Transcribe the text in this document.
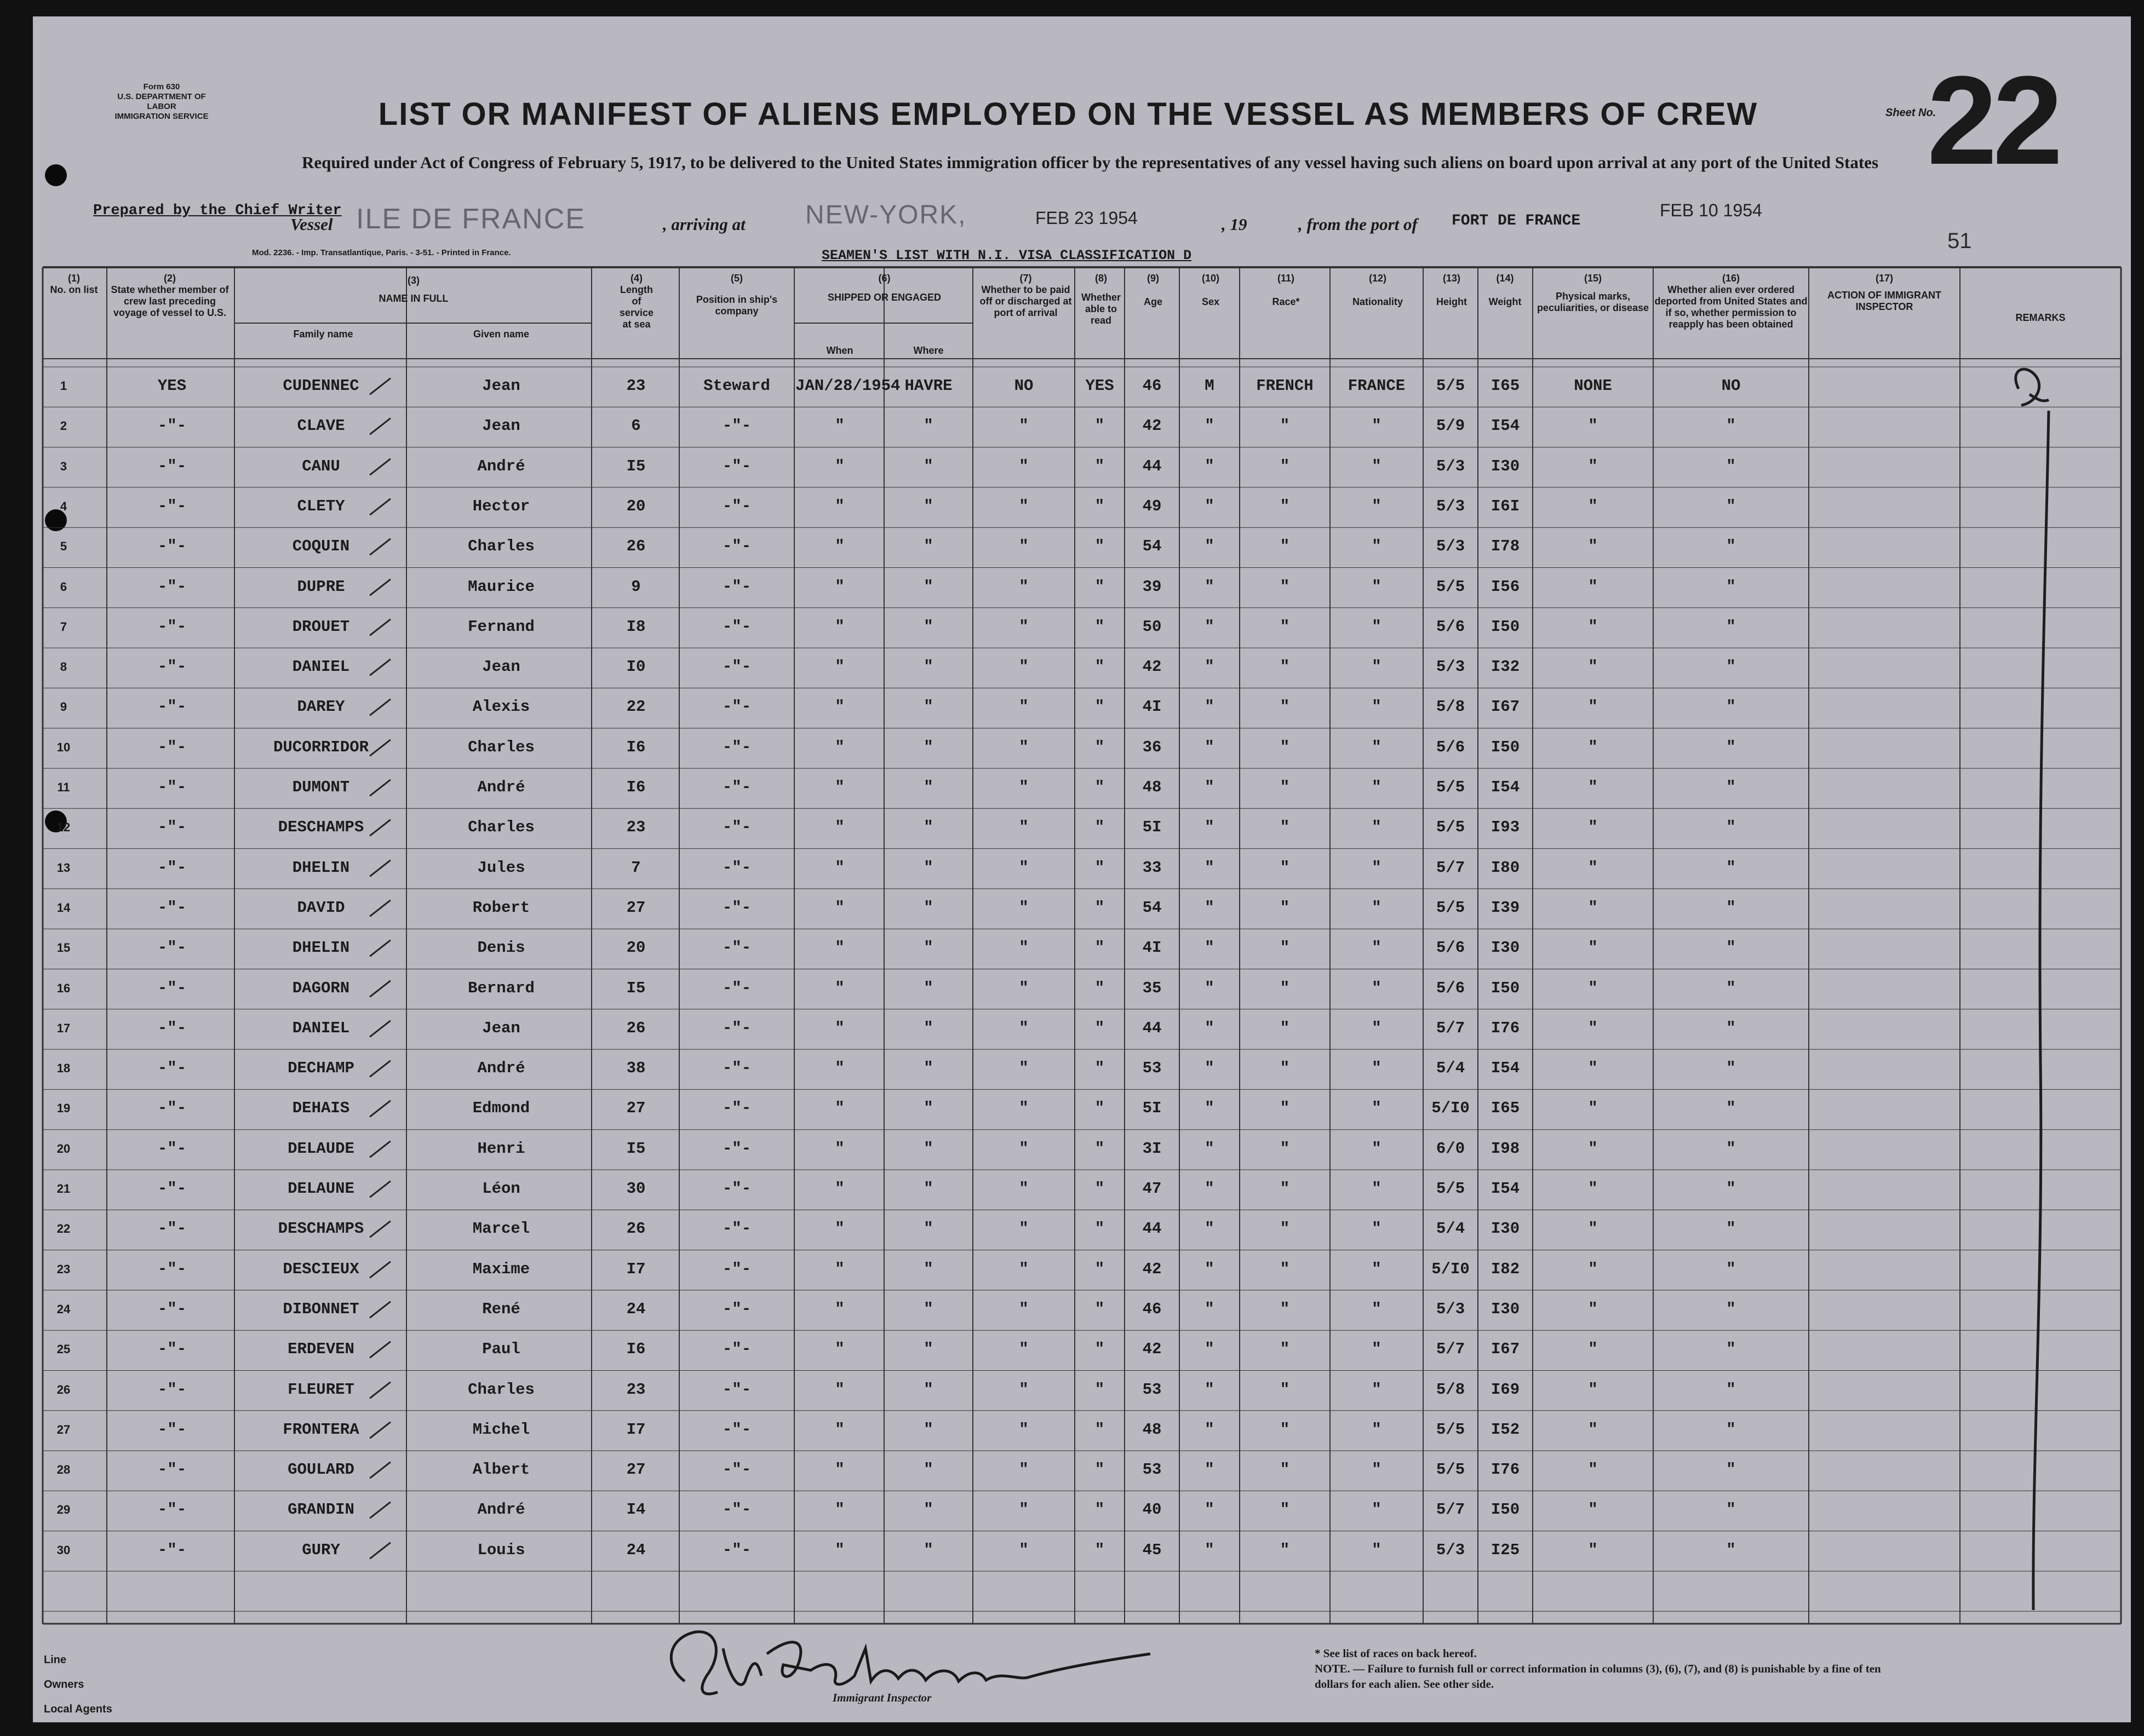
Form 630
U.S. DEPARTMENT OF LABOR
IMMIGRATION SERVICE	LIST OR MANIFEST OF ALIENS EMPLOYED ON THE VESSEL AS MEMBERS OF CREW
Required under Act of Congress of February 5, 1917, to be delivered to the United States immigration officer by the representatives of any vessel having such aliens on board upon arrival at any port of the United States
Sheet No.
22
Prepared by the Chief Writer
Vessel ILE DE FRANCE	, arriving at NEW-YORK,	FEB 23 1954	, 19	, from the port of FORT DE FRANCE
FEB 10 1954
51
Mod. 2236. - Imp. Transatlantique, Paris. - 3-51. - Printed in France.	SEAMEN'S LIST WITH N.I. VISA CLASSIFICATION D
(1)
No. on list
(2)
State whether member of crew last preceding voyage of vessel to U.S.
(3)
NAME IN FULL
Family name	Given name
(4)
Length of service at sea
(5)
Position in ship's company
(6)
SHIPPED OR ENGAGED
When	Where
(7)
Whether to be paid off or discharged at port of arrival
(8)
Whether able to read
(9)
Age
(10)
Sex
(11)
Race*
(12)
Nationality
(13)
Height
(14)
Weight
(15)
Physical marks, peculiarities, or disease
(16)
Whether alien ever ordered deported from United States and if so, whether permission to reapply has been obtained
(17)
ACTION OF IMMIGRANT INSPECTOR
REMARKS
1	YES	CUDENNEC	Jean	23	Steward	JAN/28/1954 HAVRE	NO	YES	46	M	FRENCH	FRANCE	5/5	I65	NONE	NO
2	-"-	CLAVE	Jean	6	-"-	"	"	"	"	42	"	"	"	5/9	I54	"	"
3	-"-	CANU	André	I5	-"-	"	"	"	"	44	"	"	"	5/3	I30	"	"
4	-"-	CLETY	Hector	20	-"-	"	"	"	"	49	"	"	"	5/3	I6I	"	"
5	-"-	COQUIN	Charles	26	-"-	"	"	"	"	54	"	"	"	5/3	I78	"	"
6	-"-	DUPRE	Maurice	9	-"-	"	"	"	"	39	"	"	"	5/5	I56	"	"
7	-"-	DROUET	Fernand	I8	-"-	"	"	"	"	50	"	"	"	5/6	I50	"	"
8	-"-	DANIEL	Jean	I0	-"-	"	"	"	"	42	"	"	"	5/3	I32	"	"
9	-"-	DAREY	Alexis	22	-"-	"	"	"	"	4I	"	"	"	5/8	I67	"	"
10	-"-	DUCORRIDOR	Charles	I6	-"-	"	"	"	"	36	"	"	"	5/6	I50	"	"
11	-"-	DUMONT	André	I6	-"-	"	"	"	"	48	"	"	"	5/5	I54	"	"
12	-"-	DESCHAMPS	Charles	23	-"-	"	"	"	"	5I	"	"	"	5/5	I93	"	"
13	-"-	DHELIN	Jules	7	-"-	"	"	"	"	33	"	"	"	5/7	I80	"	"
14	-"-	DAVID	Robert	27	-"-	"	"	"	"	54	"	"	"	5/5	I39	"	"
15	-"-	DHELIN	Denis	20	-"-	"	"	"	"	4I	"	"	"	5/6	I30	"	"
16	-"-	DAGORN	Bernard	I5	-"-	"	"	"	"	35	"	"	"	5/6	I50	"	"
17	-"-	DANIEL	Jean	26	-"-	"	"	"	"	44	"	"	"	5/7	I76	"	"
18	-"-	DECHAMP	André	38	-"-	"	"	"	"	53	"	"	"	5/4	I54	"	"
19	-"-	DEHAIS	Edmond	27	-"-	"	"	"	"	5I	"	"	"	5/I0	I65	"	"
20	-"-	DELAUDE	Henri	I5	-"-	"	"	"	"	3I	"	"	"	6/0	I98	"	"
21	-"-	DELAUNE	Léon	30	-"-	"	"	"	"	47	"	"	"	5/5	I54	"	"
22	-"-	DESCHAMPS	Marcel	26	-"-	"	"	"	"	44	"	"	"	5/4	I30	"	"
23	-"-	DESCIEUX	Maxime	I7	-"-	"	"	"	"	42	"	"	"	5/I0	I82	"	"
24	-"-	DIBONNET	René	24	-"-	"	"	"	"	46	"	"	"	5/3	I30	"	"
25	-"-	ERDEVEN	Paul	I6	-"-	"	"	"	"	42	"	"	"	5/7	I67	"	"
26	-"-	FLEURET	Charles	23	-"-	"	"	"	"	53	"	"	"	5/8	I69	"	"
27	-"-	FRONTERA	Michel	I7	-"-	"	"	"	"	48	"	"	"	5/5	I52	"	"
28	-"-	GOULARD	Albert	27	-"-	"	"	"	"	53	"	"	"	5/5	I76	"	"
29	-"-	GRANDIN	André	I4	-"-	"	"	"	"	40	"	"	"	5/7	I50	"	"
30	-"-	GURY	Louis	24	-"-	"	"	"	"	45	"	"	"	5/3	I25	"	"
Line
Owners
Local Agents
Immigrant Inspector
* See list of races on back hereof.
NOTE. — Failure to furnish full or correct information in columns (3), (6), (7), and (8) is punishable by a fine of ten dollars for each alien. See other side.
